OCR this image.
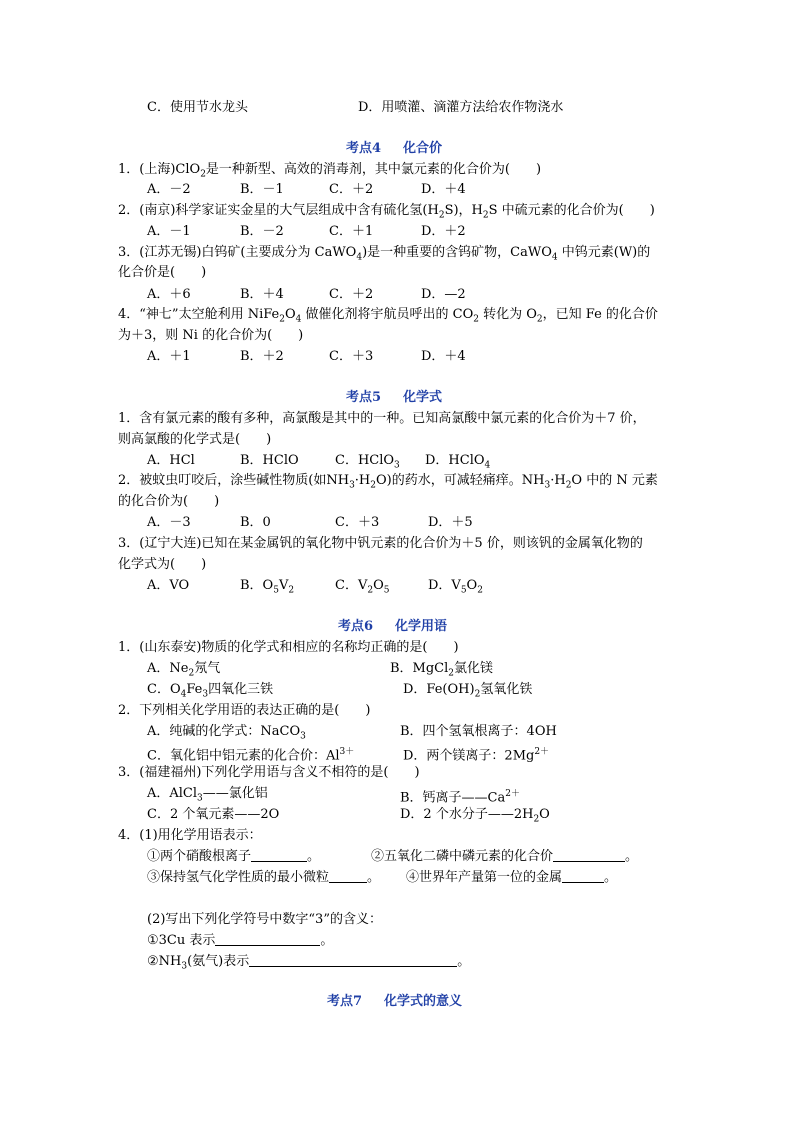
C．使用节水龙头	D．用喷灌、滴灌方法给农作物浇水
考点4 化合价
1．(上海)ClO$_2$是一种新型、高效的消毒剂，其中氯元素的化合价为(　　)
A．－2	B．－1	C．＋2	D．＋4
2．(南京)科学家证实金星的大气层组成中含有硫化氢$(H_2S)$，$H_2S$ 中硫元素的化合价为(　　)
A．－1	B．－2	C．＋1	D．＋2
3．(江苏无锡)白钨矿(主要成分为 CaWO$_4$)是一种重要的含钨矿物，CaWO$_4$ 中钨元素(W)的
化合价是(　　)
A．＋6	B．＋4	C．＋2	D．—2
4．“神七”太空舱利用 $NiFe_2O_4$ 做催化剂将宇航员呼出的 $CO_2$ 转化为 $O_2$，已知 Fe 的化合价
为＋3，则 Ni 的化合价为(　　)
A．＋1	B．＋2	C．＋3	D．＋4
考点5 化学式
1．含有氯元素的酸有多种，高氯酸是其中的一种。已知高氯酸中氯元素的化合价为＋7 价，
则高氯酸的化学式是(　　)
A．HCl	B．HClO	C．HClO$_3$ D．HClO$_4$
2．被蚊虫叮咬后，涂些碱性物质(如$NH_3\cdot H_2O$)的药水，可减轻痛痒。$NH_3\cdot H_2O$ 中的 N 元素
的化合价为(　　)
A．－3	B．0	C．＋3	D．＋5
3．(辽宁大连)已知在某金属钒的氧化物中钒元素的化合价为＋5 价，则该钒的金属氧化物的
化学式为(　　)
A．VO	B．$O_5V_2$	C．$V_2O_5$	D．$V_5O_2$
考点6 化学用语
1．(山东泰安)物质的化学式和相应的名称均正确的是(　　)
A．$Ne_2$氖气	B．MgCl$_2$氯化镁
C．$O_4Fe_3$四氧化三铁	D．$Fe(OH)_2$氢氧化铁
2．下列相关化学用语的表达正确的是(　　)
A．纯碱的化学式：NaCO$_3$	B．四个氢氧根离子：4OH
C．氧化铝中铝元素的化合价：$Al^{3+}$	D．两个镁离子：$2Mg^{2+}$
3．(福建福州)下列化学用语与含义不相符的是(　　)
A．AlCl$_3$——氯化铝	B．钙离子$——Ca^{2+}$
C．2 个氧元素——2O	D．2 个水分子$——2H_2O$
4．(1)用化学用语表示：
①两个硝酸根离子	。	②五氧化二磷中磷元素的化合价	。
③保持氢气化学性质的最小微粒	。 ④世界年产量第一位的金属	。
(2)写出下列化学符号中数字“3”的含义：
①3Cu 表示	。
$②NH_3$(氨气)表示	。
考点7 化学式的意义
